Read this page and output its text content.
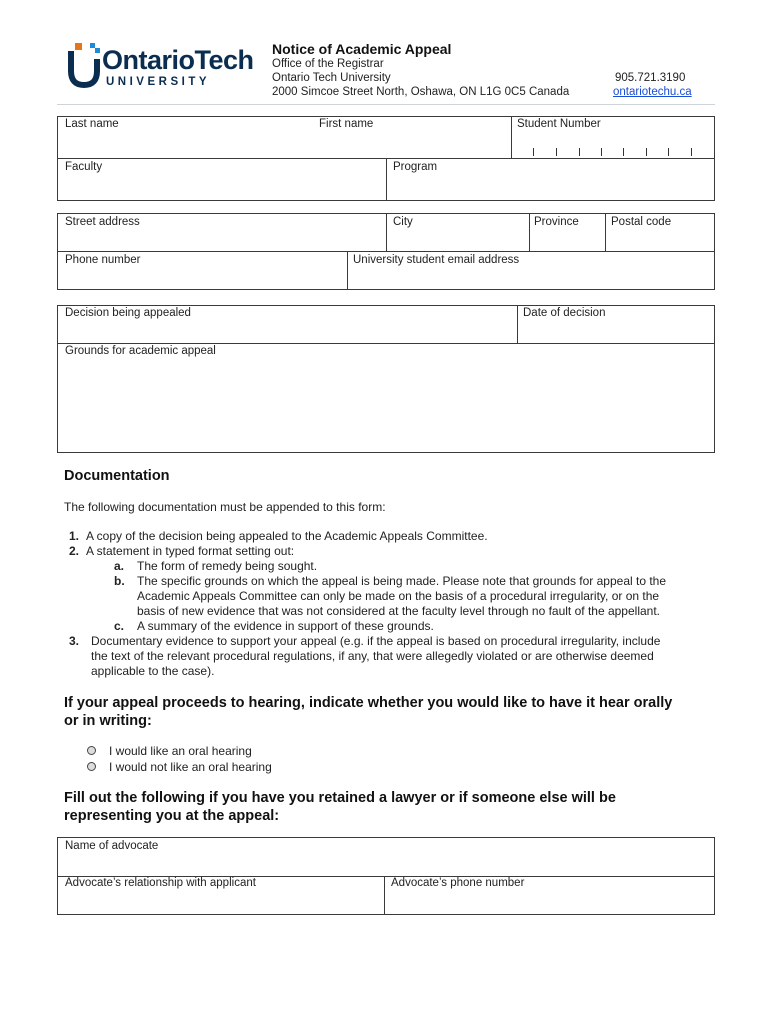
OntarioTech
UNIVERSITY
Notice of Academic Appeal
Office of the Registrar
Ontario Tech University
2000 Simcoe Street North, Oshawa, ON L1G 0C5 Canada
905.721.3190
ontariotechu.ca
Last name	First name	Student Number
Faculty	Program
Street address	City	Province	Postal code
Phone number	University student email address
Decision being appealed	Date of decision
Grounds for academic appeal
Documentation
The following documentation must be appended to this form:
1. A copy of the decision being appealed to the Academic Appeals Committee.
2. A statement in typed format setting out:
a. The form of remedy being sought.
b. The specific grounds on which the appeal is being made. Please note that grounds for appeal to the
Academic Appeals Committee can only be made on the basis of a procedural irregularity, or on the
basis of new evidence that was not considered at the faculty level through no fault of the appellant.
c. A summary of the evidence in support of these grounds.
3. Documentary evidence to support your appeal (e.g. if the appeal is based on procedural irregularity, include
the text of the relevant procedural regulations, if any, that were allegedly violated or are otherwise deemed
applicable to the case).
If your appeal proceeds to hearing, indicate whether you would like to have it hear orally
or in writing:
I would like an oral hearing
I would not like an oral hearing
Fill out the following if you have you retained a lawyer or if someone else will be
representing you at the appeal:
Name of advocate
Advocate’s relationship with applicant	Advocate’s phone number
